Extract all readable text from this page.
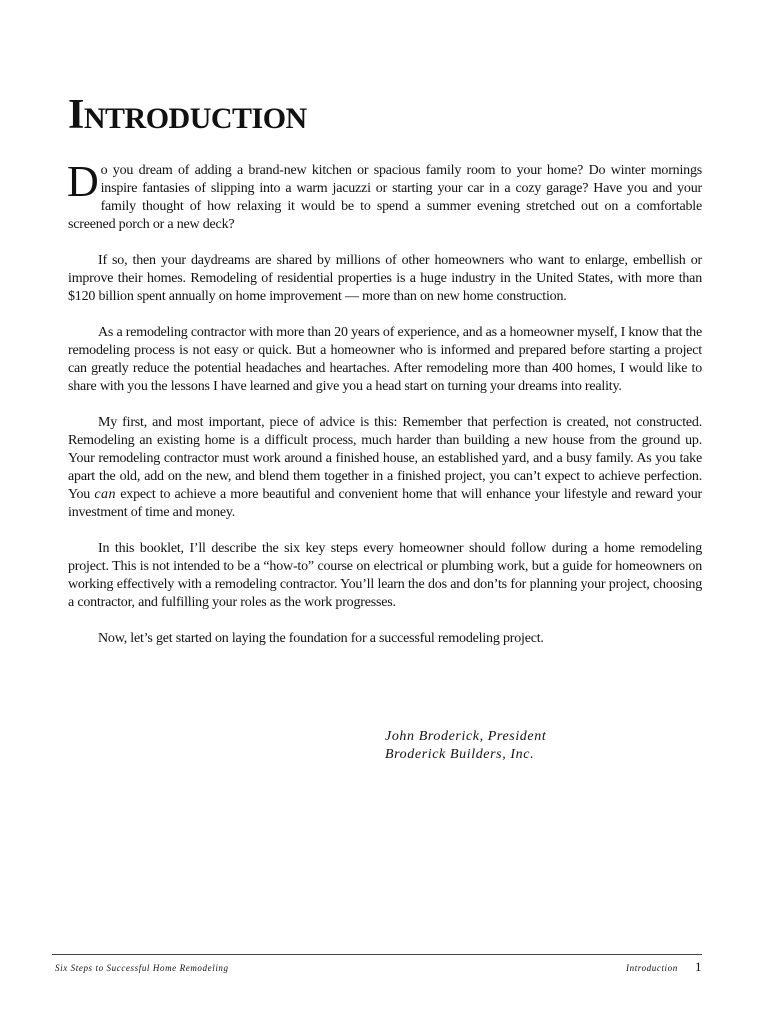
INTRODUCTION

Do you dream of adding a brand-new kitchen or spacious family room to your home? Do winter mornings inspire fantasies of slipping into a warm jacuzzi or starting your car in a cozy garage? Have you and your family thought of how relaxing it would be to spend a summer evening stretched out on a comfortable screened porch or a new deck?

If so, then your daydreams are shared by millions of other homeowners who want to enlarge, embellish or improve their homes. Remodeling of residential properties is a huge industry in the United States, with more than $120 billion spent annually on home improvement — more than on new home construction.

As a remodeling contractor with more than 20 years of experience, and as a homeowner myself, I know that the remodeling process is not easy or quick. But a homeowner who is informed and prepared before starting a project can greatly reduce the potential headaches and heartaches. After remodeling more than 400 homes, I would like to share with you the lessons I have learned and give you a head start on turning your dreams into reality.

My first, and most important, piece of advice is this: Remember that perfection is created, not constructed. Remodeling an existing home is a difficult process, much harder than building a new house from the ground up. Your remodeling contractor must work around a finished house, an established yard, and a busy family. As you take apart the old, add on the new, and blend them together in a finished project, you can’t expect to achieve perfection. You can expect to achieve a more beautiful and convenient home that will enhance your lifestyle and reward your investment of time and money.

In this booklet, I’ll describe the six key steps every homeowner should follow during a home remodeling project. This is not intended to be a “how-to” course on electrical or plumbing work, but a guide for homeowners on working effectively with a remodeling contractor. You’ll learn the dos and don’ts for planning your project, choosing a contractor, and fulfilling your roles as the work progresses.

Now, let’s get started on laying the foundation for a successful remodeling project.

John Broderick, President
Broderick Builders, Inc.
Six Steps to Successful Home Remodeling	Introduction 1
